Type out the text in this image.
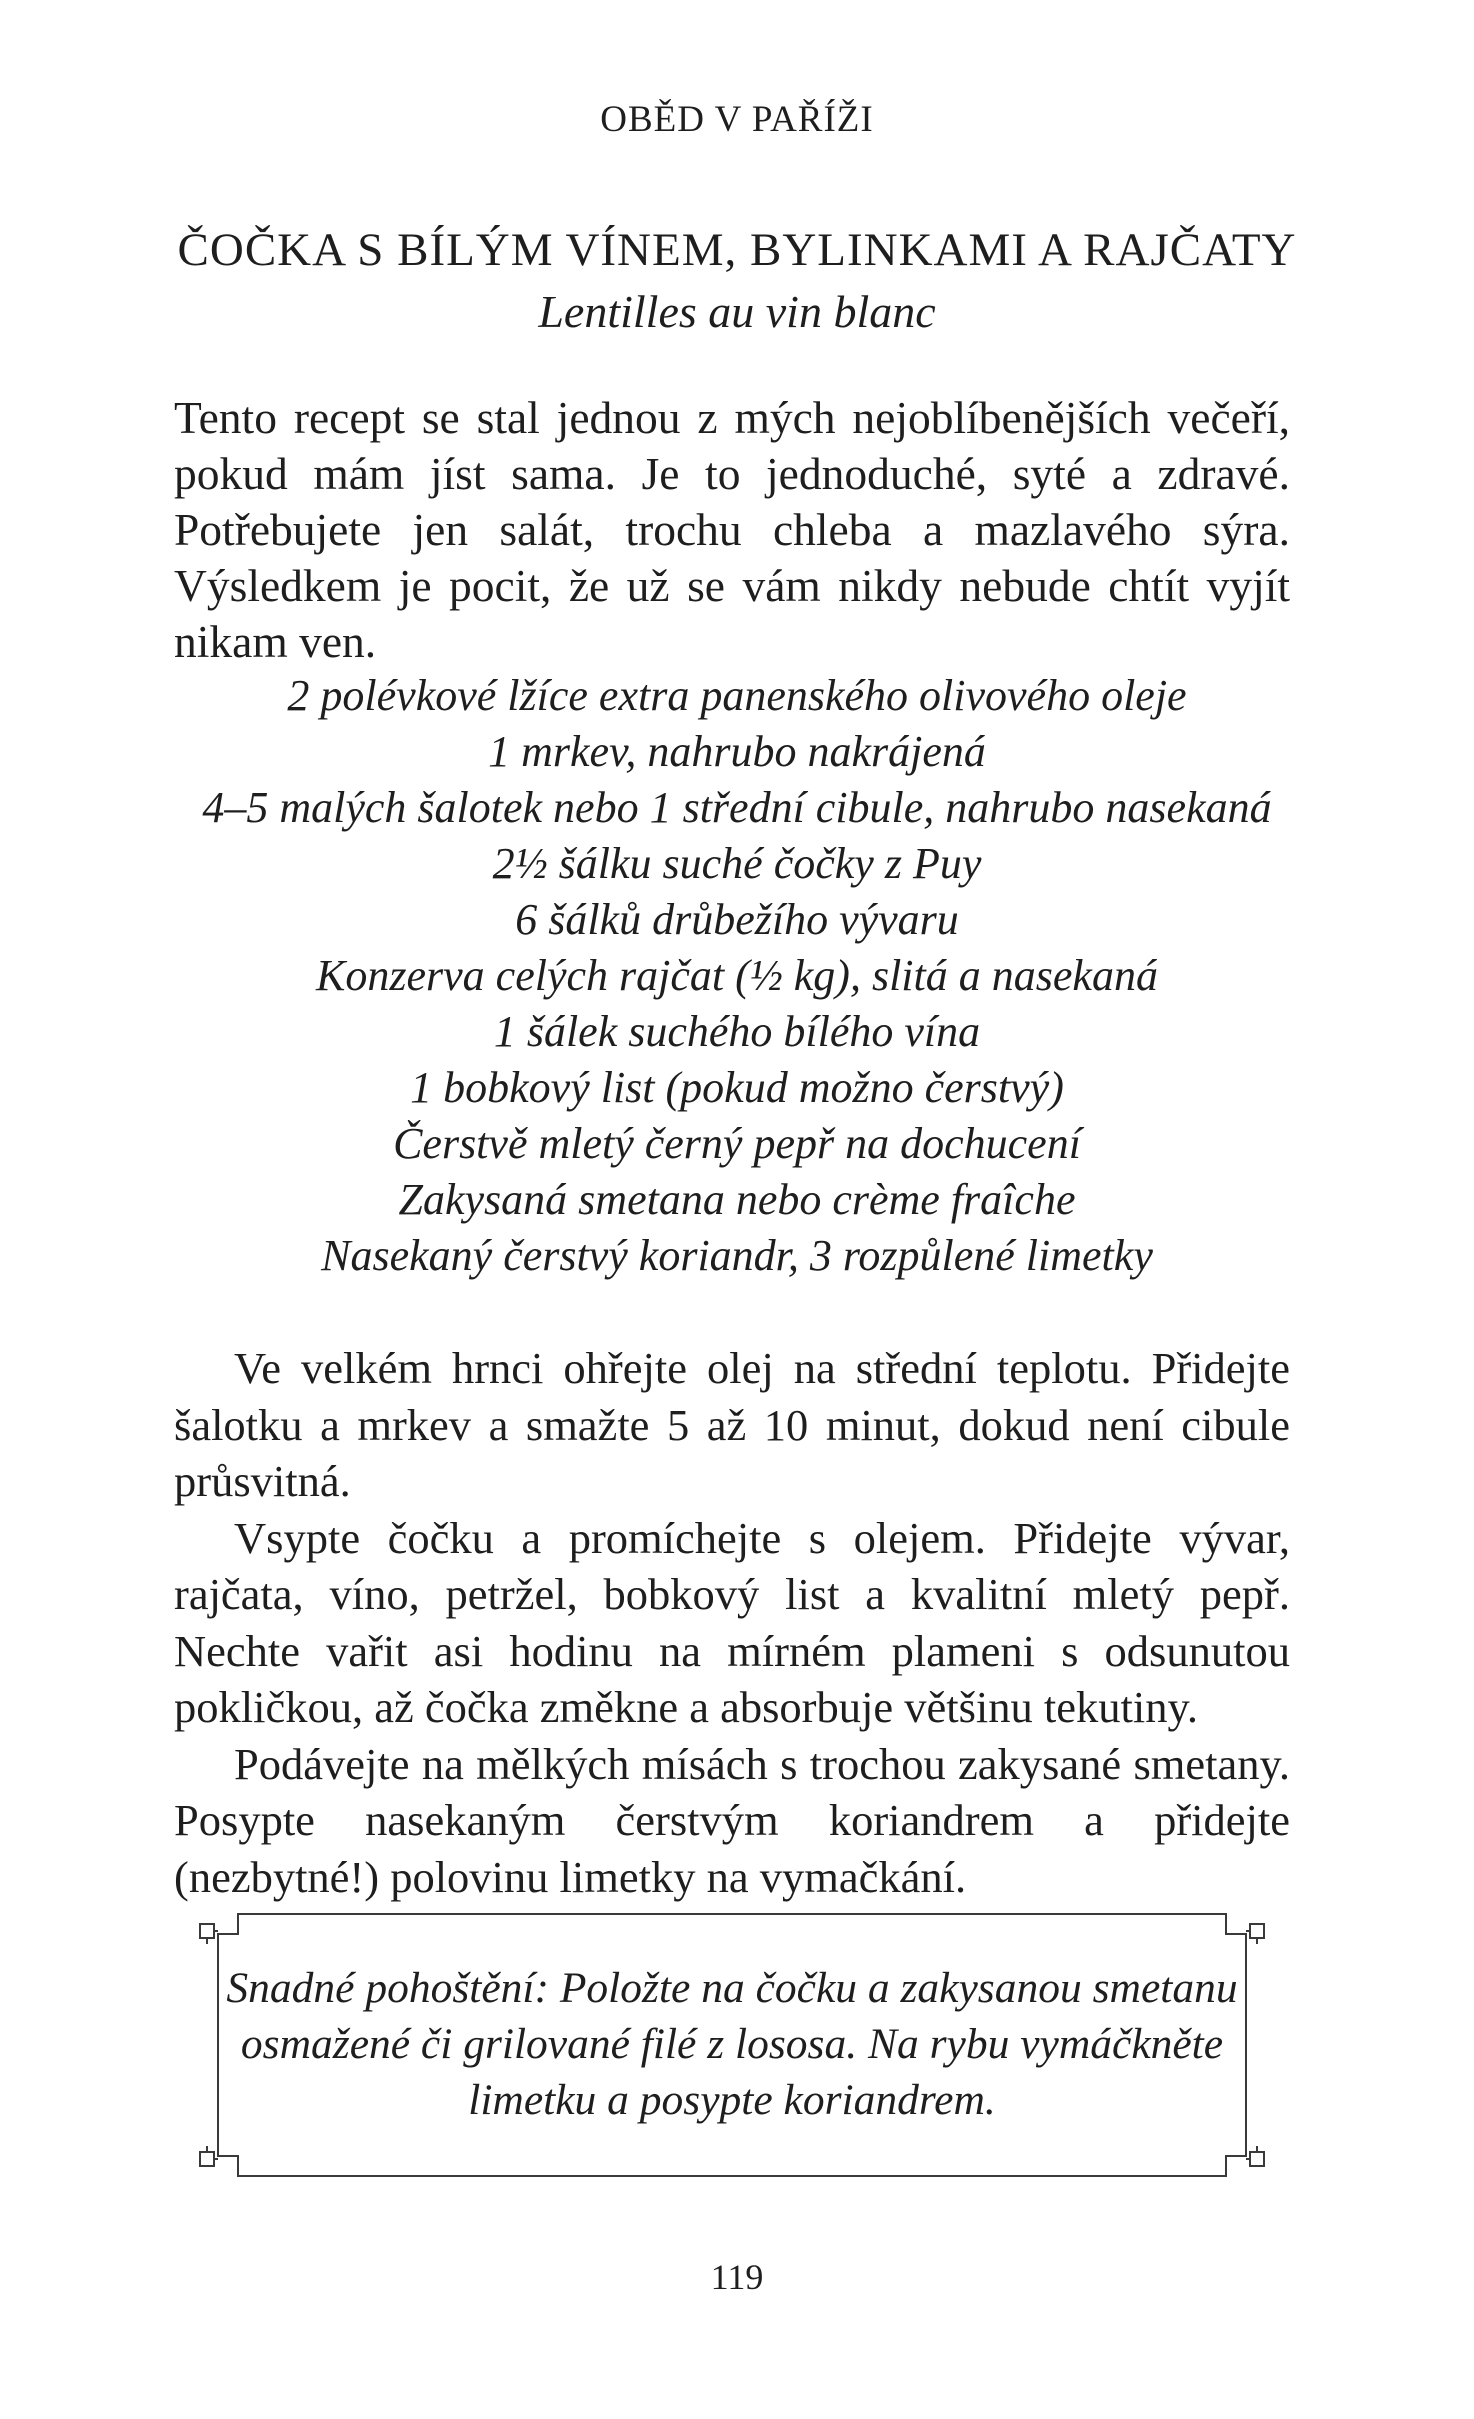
OBĚD V PAŘÍŽI
ČOČKA S BÍLÝM VÍNEM, BYLINKAMI A RAJČATY

Lentilles au vin blanc

Tento recept se stal jednou z mých nejoblíbenějších večeří, pokud mám jíst sama. Je to jednoduché, syté a zdravé. Potřebujete jen salát, trochu chleba a mazlavého sýra. Výsledkem je pocit, že už se vám nikdy nebude chtít vyjít nikam ven.

2 polévkové lžíce extra panenského olivového oleje
1 mrkev, nahrubo nakrájená
4–5 malých šalotek nebo 1 střední cibule, nahrubo nasekaná
2½ šálku suché čočky z Puy
6 šálků drůbežího vývaru
Konzerva celých rajčat (½ kg), slitá a nasekaná
1 šálek suchého bílého vína
1 bobkový list (pokud možno čerstvý)
Čerstvě mletý černý pepř na dochucení
Zakysaná smetana nebo crème fraîche
Nasekaný čerstvý koriandr, 3 rozpůlené limetky

Ve velkém hrnci ohřejte olej na střední teplotu. Přidejte šalotku a mrkev a smažte 5 až 10 minut, dokud není cibule průsvitná.

Vsypte čočku a promíchejte s olejem. Přidejte vývar, rajčata, víno, petržel, bobkový list a kvalitní mletý pepř. Nechte vařit asi hodinu na mírném plameni s odsunutou pokličkou, až čočka změkne a absorbuje většinu tekutiny.

Podávejte na mělkých mísách s trochou zakysané smetany. Posypte nasekaným čerstvým koriandrem a přidejte (nezbytné!) polovinu limetky na vymačkání.

Snadné pohoštění: Položte na čočku a zakysanou smetanu osmažené či grilované filé z lososa. Na rybu vymáčkněte limetku a posypte koriandrem.

119
